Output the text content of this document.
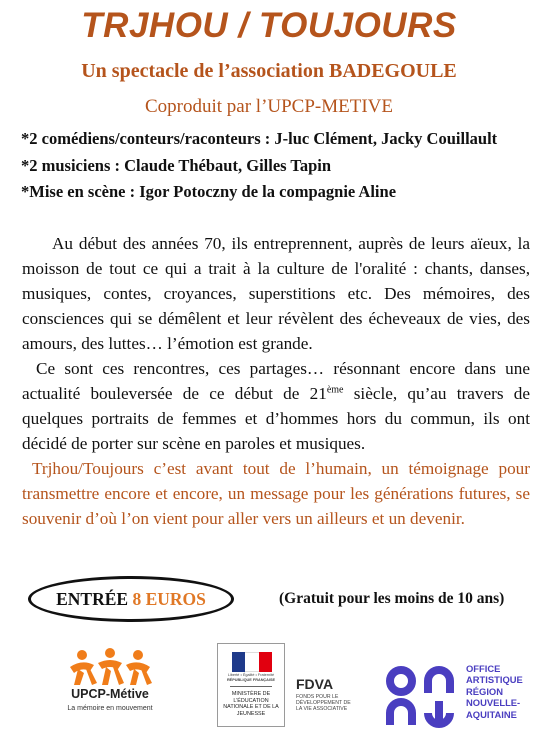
TRJHOU / TOUJOURS
Un spectacle de l’association BADEGOULE
Coproduit par l’UPCP-METIVE
*2 comédiens/conteurs/raconteurs : J-luc Clément, Jacky Couillault
*2 musiciens : Claude Thébaut, Gilles Tapin
*Mise en scène : Igor Potoczny de la compagnie Aline

Au début des années 70, ils entreprennent, auprès de leurs aïeux, la moisson de tout ce qui a trait à la culture de l'oralité : chants, danses, musiques, contes, croyances, superstitions etc. Des mémoires, des consciences qui se démêlent et leur révèlent des écheveaux de vies, des amours, des luttes… l’émotion est grande.

Ce sont ces rencontres, ces partages… résonnant encore dans une actualité bouleversée de ce début de 21ème siècle, qu’au travers de quelques portraits de femmes et d’hommes hors du commun, ils ont décidé de porter sur scène en paroles et musiques.

Trjhou/Toujours c’est avant tout de l’humain, un témoignage pour transmettre encore et encore, un message pour les générations futures, se souvenir d’où l’on vient pour aller vers un ailleurs et un devenir.

ENTRÉE
8 EUROS	(Gratuit pour les moins de 10 ans)
UPCP-Métive
La mémoire en mouvement
Liberté • Égalité • Fraternité
RÉPUBLIQUE FRANÇAISE
MINISTÈRE DE L’ÉDUCATION NATIONALE ET DE LA JEUNESSE
FDVA
FONDS POUR LE DÉVELOPPEMENT DE LA VIE ASSOCIATIVE
OFFICE
ARTISTIQUE
RÉGION
NOUVELLE-
AQUITAINE
